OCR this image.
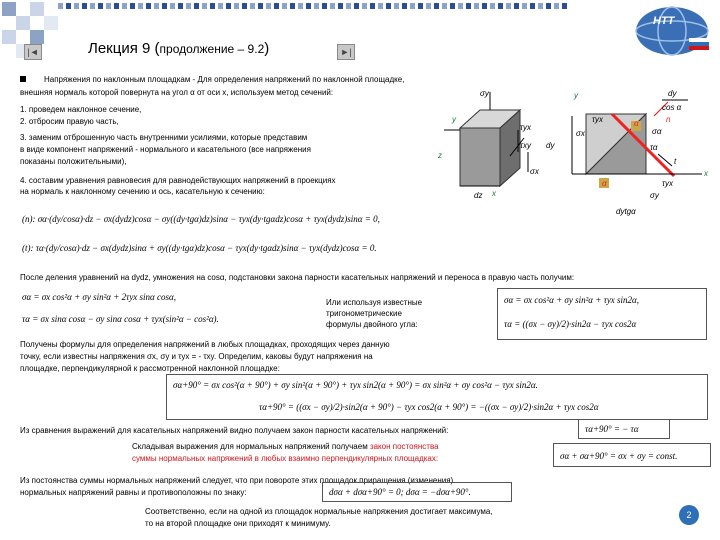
НТТ
|◄	►|
Лекция 9 (продолжение – 9.2)
Напряжения по наклонным площадкам - Для определения напряжений по наклонной площадке,
внешняя нормаль которой повернута на угол α от оси x, используем метод сечений:
1. проведем наклонное сечение,
2. отбросим правую часть,
3. заменим отброшенную часть внутренними усилиями, которые представим
в виде компонент напряжений - нормального и касательного (все напряжения
показаны положительными),
4. составим уравнения равновесия для равнодействующих напряжений в проекциях
на нормаль к наклонному сечению и ось, касательную к сечению:
σy
y
z
x
dz
τyx
τxy
σx
y
x
dy
dytgα
dy
cos α
σx
τyx	α
α
n
t
σα
τα
τyx
σy
(n): σα·(dy/cosα)·dz − σx(dydz)cosα − σy((dy·tgα)dz)sinα − τyx(dy·tgαdz)cosα + τyx(dydz)sinα = 0,
(t): τα·(dy/cosα)·dz − σx(dydz)sinα + σy((dy·tgα)dz)cosα − τyx(dy·tgαdz)sinα − τyx(dydz)cosα = 0.
После деления уравнений на dydz, умножения на cosα, подстановки закона парности касательных напряжений и переноса в правую часть получим:
σα = σx cos²α + σy sin²α + 2τyx sinα cosα,
τα = σx sinα cosα − σy sinα cosα + τyx(sin²α − cos²α).
Или используя известные
тригонометрические
формулы двойного угла:
σα = σx cos²α + σy sin²α + τyx sin2α,
τα = ((σx − σy)/2)·sin2α − τyx cos2α
Получены формулы для определения напряжений в любых площадках, проходящих через данную
точку, если известны напряжения σx, σy и τyx = - τxy. Определим, каковы будут напряжения на
площадке, перпендикулярной к рассмотренной наклонной площадке:
σα+90° = σx cos²(α + 90°) + σy sin²(α + 90°) + τyx sin2(α + 90°) = σx sin²α + σy cos²α − τyx sin2α.
τα+90° = ((σx − σy)/2)·sin2(α + 90°) − τyx cos2(α + 90°) = −((σx − σy)/2)·sin2α + τyx cos2α
Из сравнения выражений для касательных напряжений видно получаем закон парности касательных напряжений:	τα+90° = − τα
Складывая выражения для нормальных напряжений получаем закон постоянства
суммы нормальных напряжений в любых взаимно перпендикулярных площадках:	σα + σα+90° = σx + σy = const.
Из постоянства суммы нормальных напряжений следует, что при повороте этих площадок приращения (изменения)
нормальных напряжений равны и противоположны по знаку:	dσα + dσα+90° = 0; dσα = −dσα+90°.
Соответственно, если на одной из площадок нормальные напряжения достигает максимума,
то на второй площадке они приходят к минимуму.
2
